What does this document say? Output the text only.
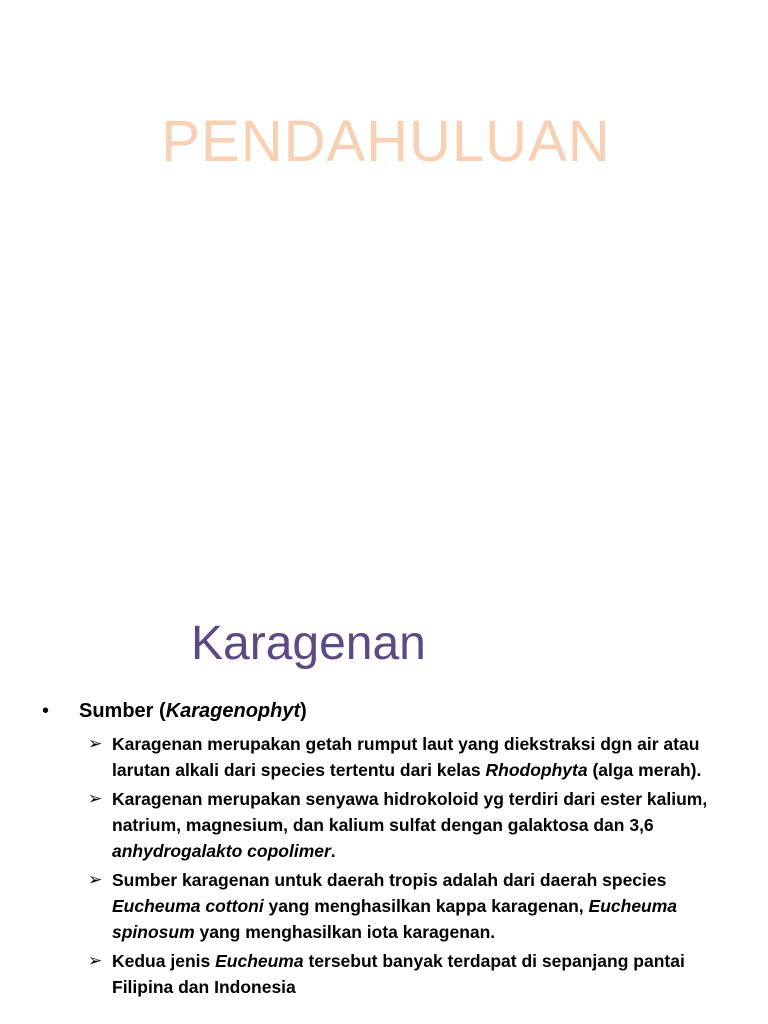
PENDAHULUAN
Karagenan
• Sumber (Karagenophyt)
➢ Karagenan merupakan getah rumput laut yang diekstraksi dgn air atau larutan alkali dari species tertentu dari kelas Rhodophyta (alga merah).
➢ Karagenan merupakan senyawa hidrokoloid yg terdiri dari ester kalium, natrium, magnesium, dan kalium sulfat dengan galaktosa dan 3,6 anhydrogalakto copolimer.
➢ Sumber karagenan untuk daerah tropis adalah dari daerah species Eucheuma cottoni yang menghasilkan kappa karagenan, Eucheuma spinosum yang menghasilkan iota karagenan.
➢ Kedua jenis Eucheuma tersebut banyak terdapat di sepanjang pantai Filipina dan Indonesia
